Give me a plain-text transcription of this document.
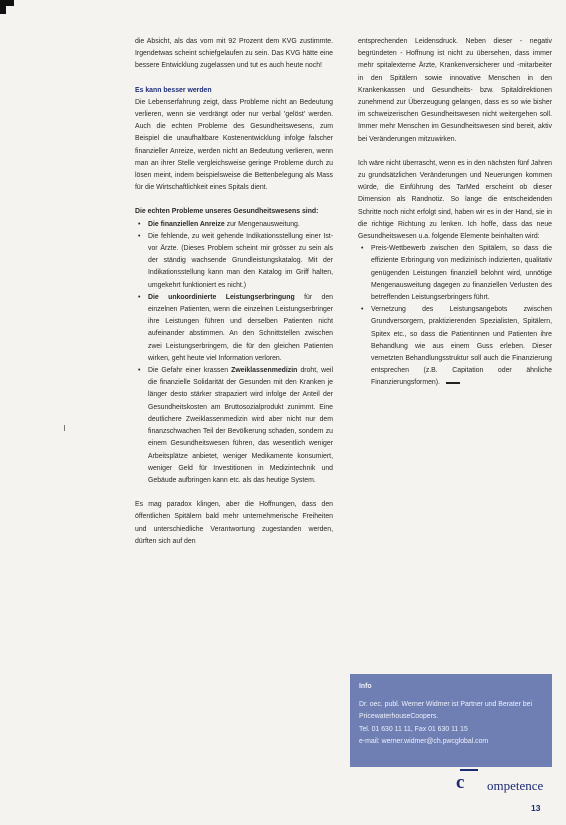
die Absicht, als das vom mit 92 Prozent dem KVG zustimmte. Irgendetwas scheint schiefgelaufen zu sein. Das KVG hätte eine bessere Entwicklung zugelassen und tut es auch heute noch!

Es kann besser werden

Die Lebenserfahrung zeigt, dass Probleme nicht an Bedeutung verlieren, wenn sie verdrängt oder nur verbal 'gelöst' werden. Auch die echten Probleme des Gesundheitswesens, zum Beispiel die unaufhaltbare Kostenentwicklung infolge falscher finanzieller Anreize, werden nicht an Bedeutung verlieren, wenn man an ihrer Stelle vergleichsweise geringe Probleme durch zu lösen meint, indem beispielsweise die Bettenbelegung als Mass für die Wirtschaftlichkeit eines Spitals dient.

Die echten Probleme unseres Gesundheitswesens sind:

• Die finanziellen Anreize zur Mengenausweitung.
• Die fehlende, zu weit gehende Indikationsstellung einer Ist- vor Ärzte. (Dieses Problem scheint mir grösser zu sein als der ständig wachsende Grundleistungskatalog. Mit der Indikationsstellung kann man den Katalog im Griff halten, umgekehrt funktioniert es nicht.)
• Die unkoordinierte Leistungserbringung für den einzelnen Patienten, wenn die einzelnen Leistungserbringer ihre Leistungen führen und derselben Patienten nicht aufeinander abstimmen. An den Schnittstellen zwischen zwei Leistungserbringern, die für den gleichen Patienten wirken, geht heute viel Information verloren.
• Die Gefahr einer krassen Zweiklassenmedizin droht, weil die finanzielle Solidarität der Gesunden mit den Kranken je länger desto stärker strapaziert wird infolge der Anteil der Gesundheitskosten am Bruttosozialprodukt zunimmt. Eine deutlichere Zweiklassenmedizin wird aber nicht nur dem finanzschwachen Teil der Bevölkerung schaden, sondern zu einem Gesundheitswesen führen, das wesentlich weniger Arbeitsplätze anbietet, weniger Medikamente konsumiert, weniger Geld für Investitionen in Medizintechnik und Gebäude aufbringen kann etc. als das heutige System.

Es mag paradox klingen, aber die Hoffnungen, dass den öffentlichen Spitälern bald mehr unternehmerische Freiheiten und unterschiedliche Verantwortung zugestanden werden, dürften sich auf den

entsprechenden Leidensdruck. Neben dieser - negativ begründeten - Hoffnung ist nicht zu übersehen, dass immer mehr spitalexterne Ärzte, Krankenversicherer und -mitarbeiter in den Spitälern sowie innovative Menschen in den Krankenkassen und Gesundheits- bzw. Spitaldirektionen zunehmend zur Überzeugung gelangen, dass es so wie bisher im schweizerischen Gesundheitswesen nicht weitergehen soll. Immer mehr Menschen im Gesundheitswesen sind bereit, aktiv bei Veränderungen mitzuwirken.

Ich wäre nicht überrascht, wenn es in den nächsten fünf Jahren zu grundsätzlichen Veränderungen und Neuerungen kommen würde, die Einführung des TarMed erscheint ob dieser Dimension als Randnotiz. So lange die entscheidenden Schritte noch nicht erfolgt sind, haben wir es in der Hand, sie in die richtige Richtung zu lenken. Ich hoffe, dass das neue Gesundheitswesen u.a. folgende Elemente beinhalten wird:

• Preis-Wettbewerb zwischen den Spitälern, so dass die effiziente Erbringung von medizinisch indizierten, qualitativ genügenden Leistungen finanziell belohnt wird, unnötige Mengenausweitung dagegen zu finanziellen Verlusten des betreffenden Leistungserbringers führt.
• Vernetzung des Leistungsangebots zwischen Grundversorgern, praktizierenden Spezialisten, Spitälern, Spitex etc., so dass die Patientinnen und Patienten ihre Behandlung wie aus einem Guss erleben. Dieser vernetzten Behandlungsstruktur soll auch die Finanzierung entsprechen (z.B. Capitation oder ähnliche Finanzierungsformen).
Info
Dr. oec. publ. Werner Widmer ist Partner und Berater bei PricewaterhouseCoopers.
Tel. 01 630 11 11, Fax 01 630 11 15
e-mail: werner.widmer@ch.pwcglobal.com
c ompetence
13
